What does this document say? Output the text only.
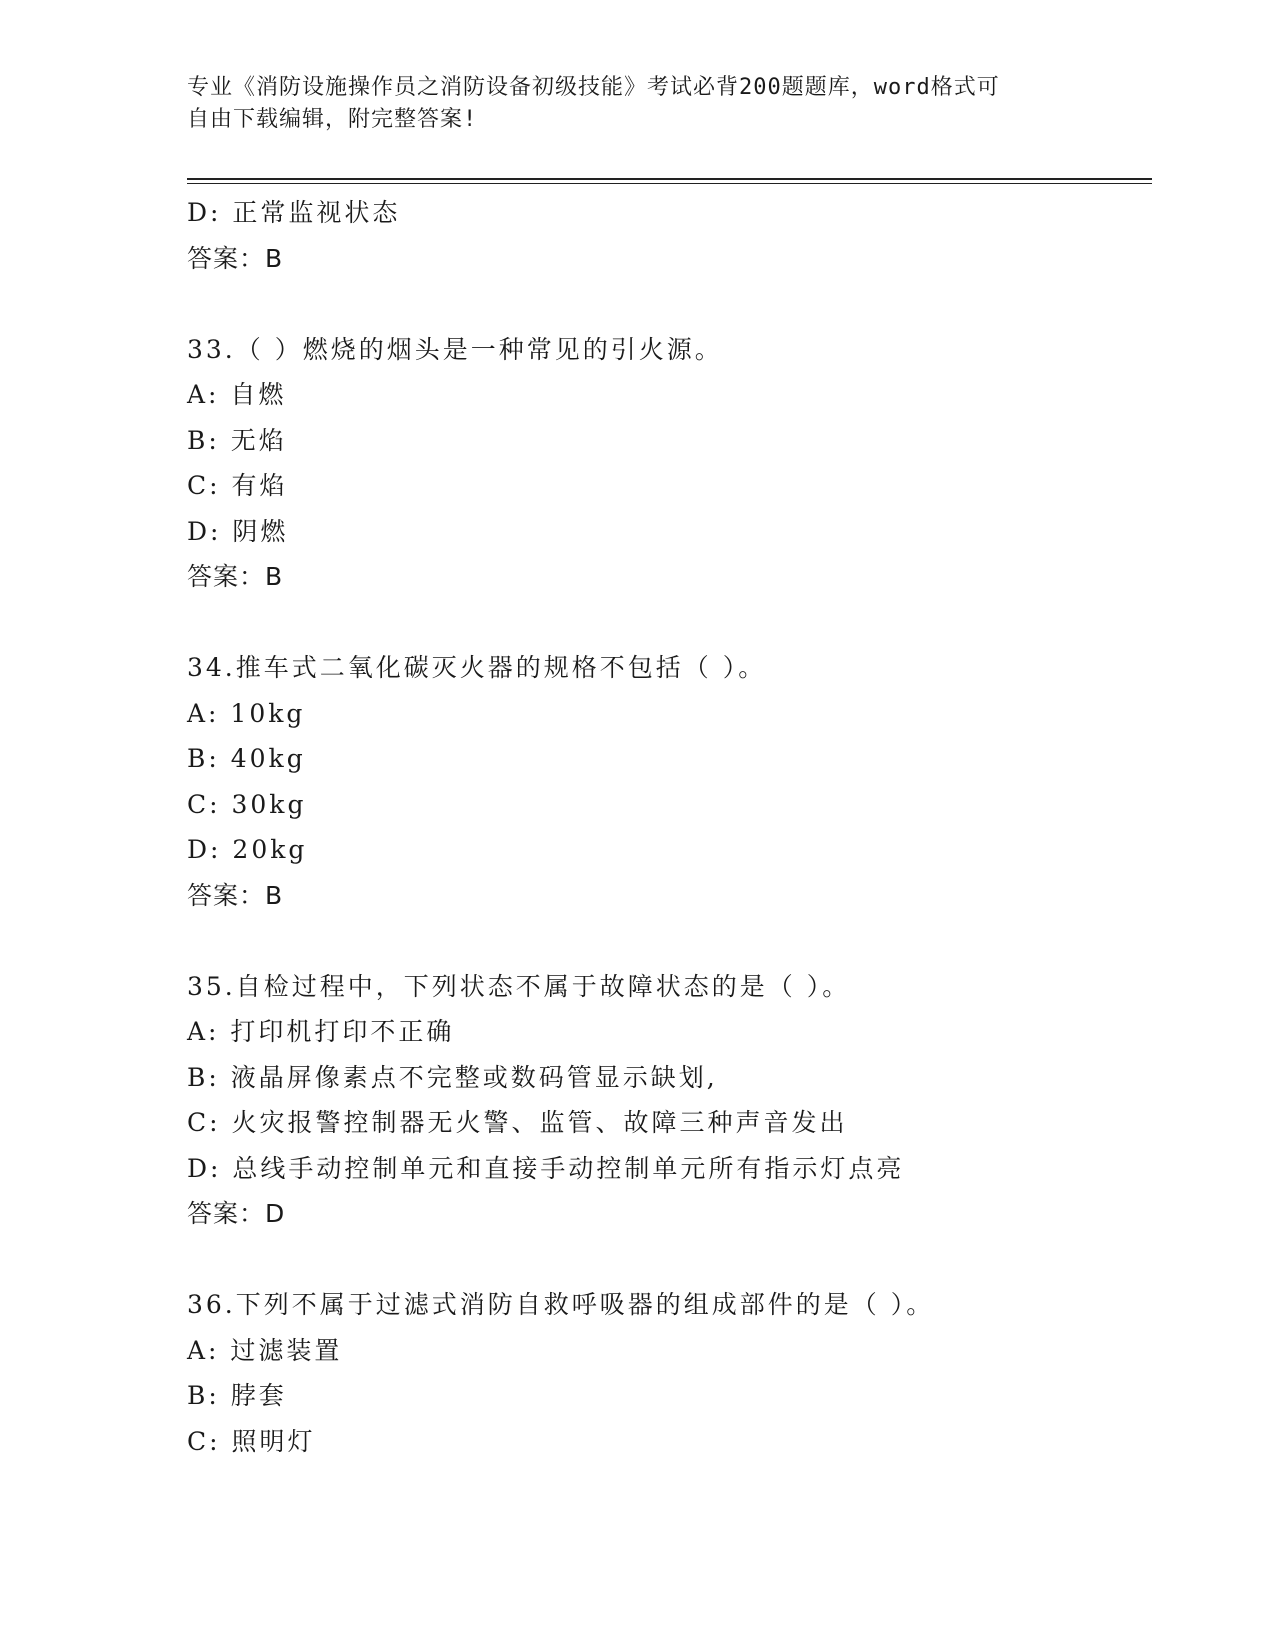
专业《消防设施操作员之消防设备初级技能》考试必背200题题库，word格式可
自由下载编辑，附完整答案!
D: 正常监视状态
答案：B
33.（ ）燃烧的烟头是一种常见的引火源。
A: 自燃
B: 无焰
C: 有焰
D: 阴燃
答案：B
34.推车式二氧化碳灭火器的规格不包括（ ）。
A: 10kg
B: 40kg
C: 30kg
D: 20kg
答案：B
35.自检过程中，下列状态不属于故障状态的是（ ）。
A: 打印机打印不正确
B: 液晶屏像素点不完整或数码管显示缺划,
C: 火灾报警控制器无火警、监管、故障三种声音发出
D: 总线手动控制单元和直接手动控制单元所有指示灯点亮
答案：D
36.下列不属于过滤式消防自救呼吸器的组成部件的是（ ）。
A: 过滤装置
B: 脖套
C: 照明灯
